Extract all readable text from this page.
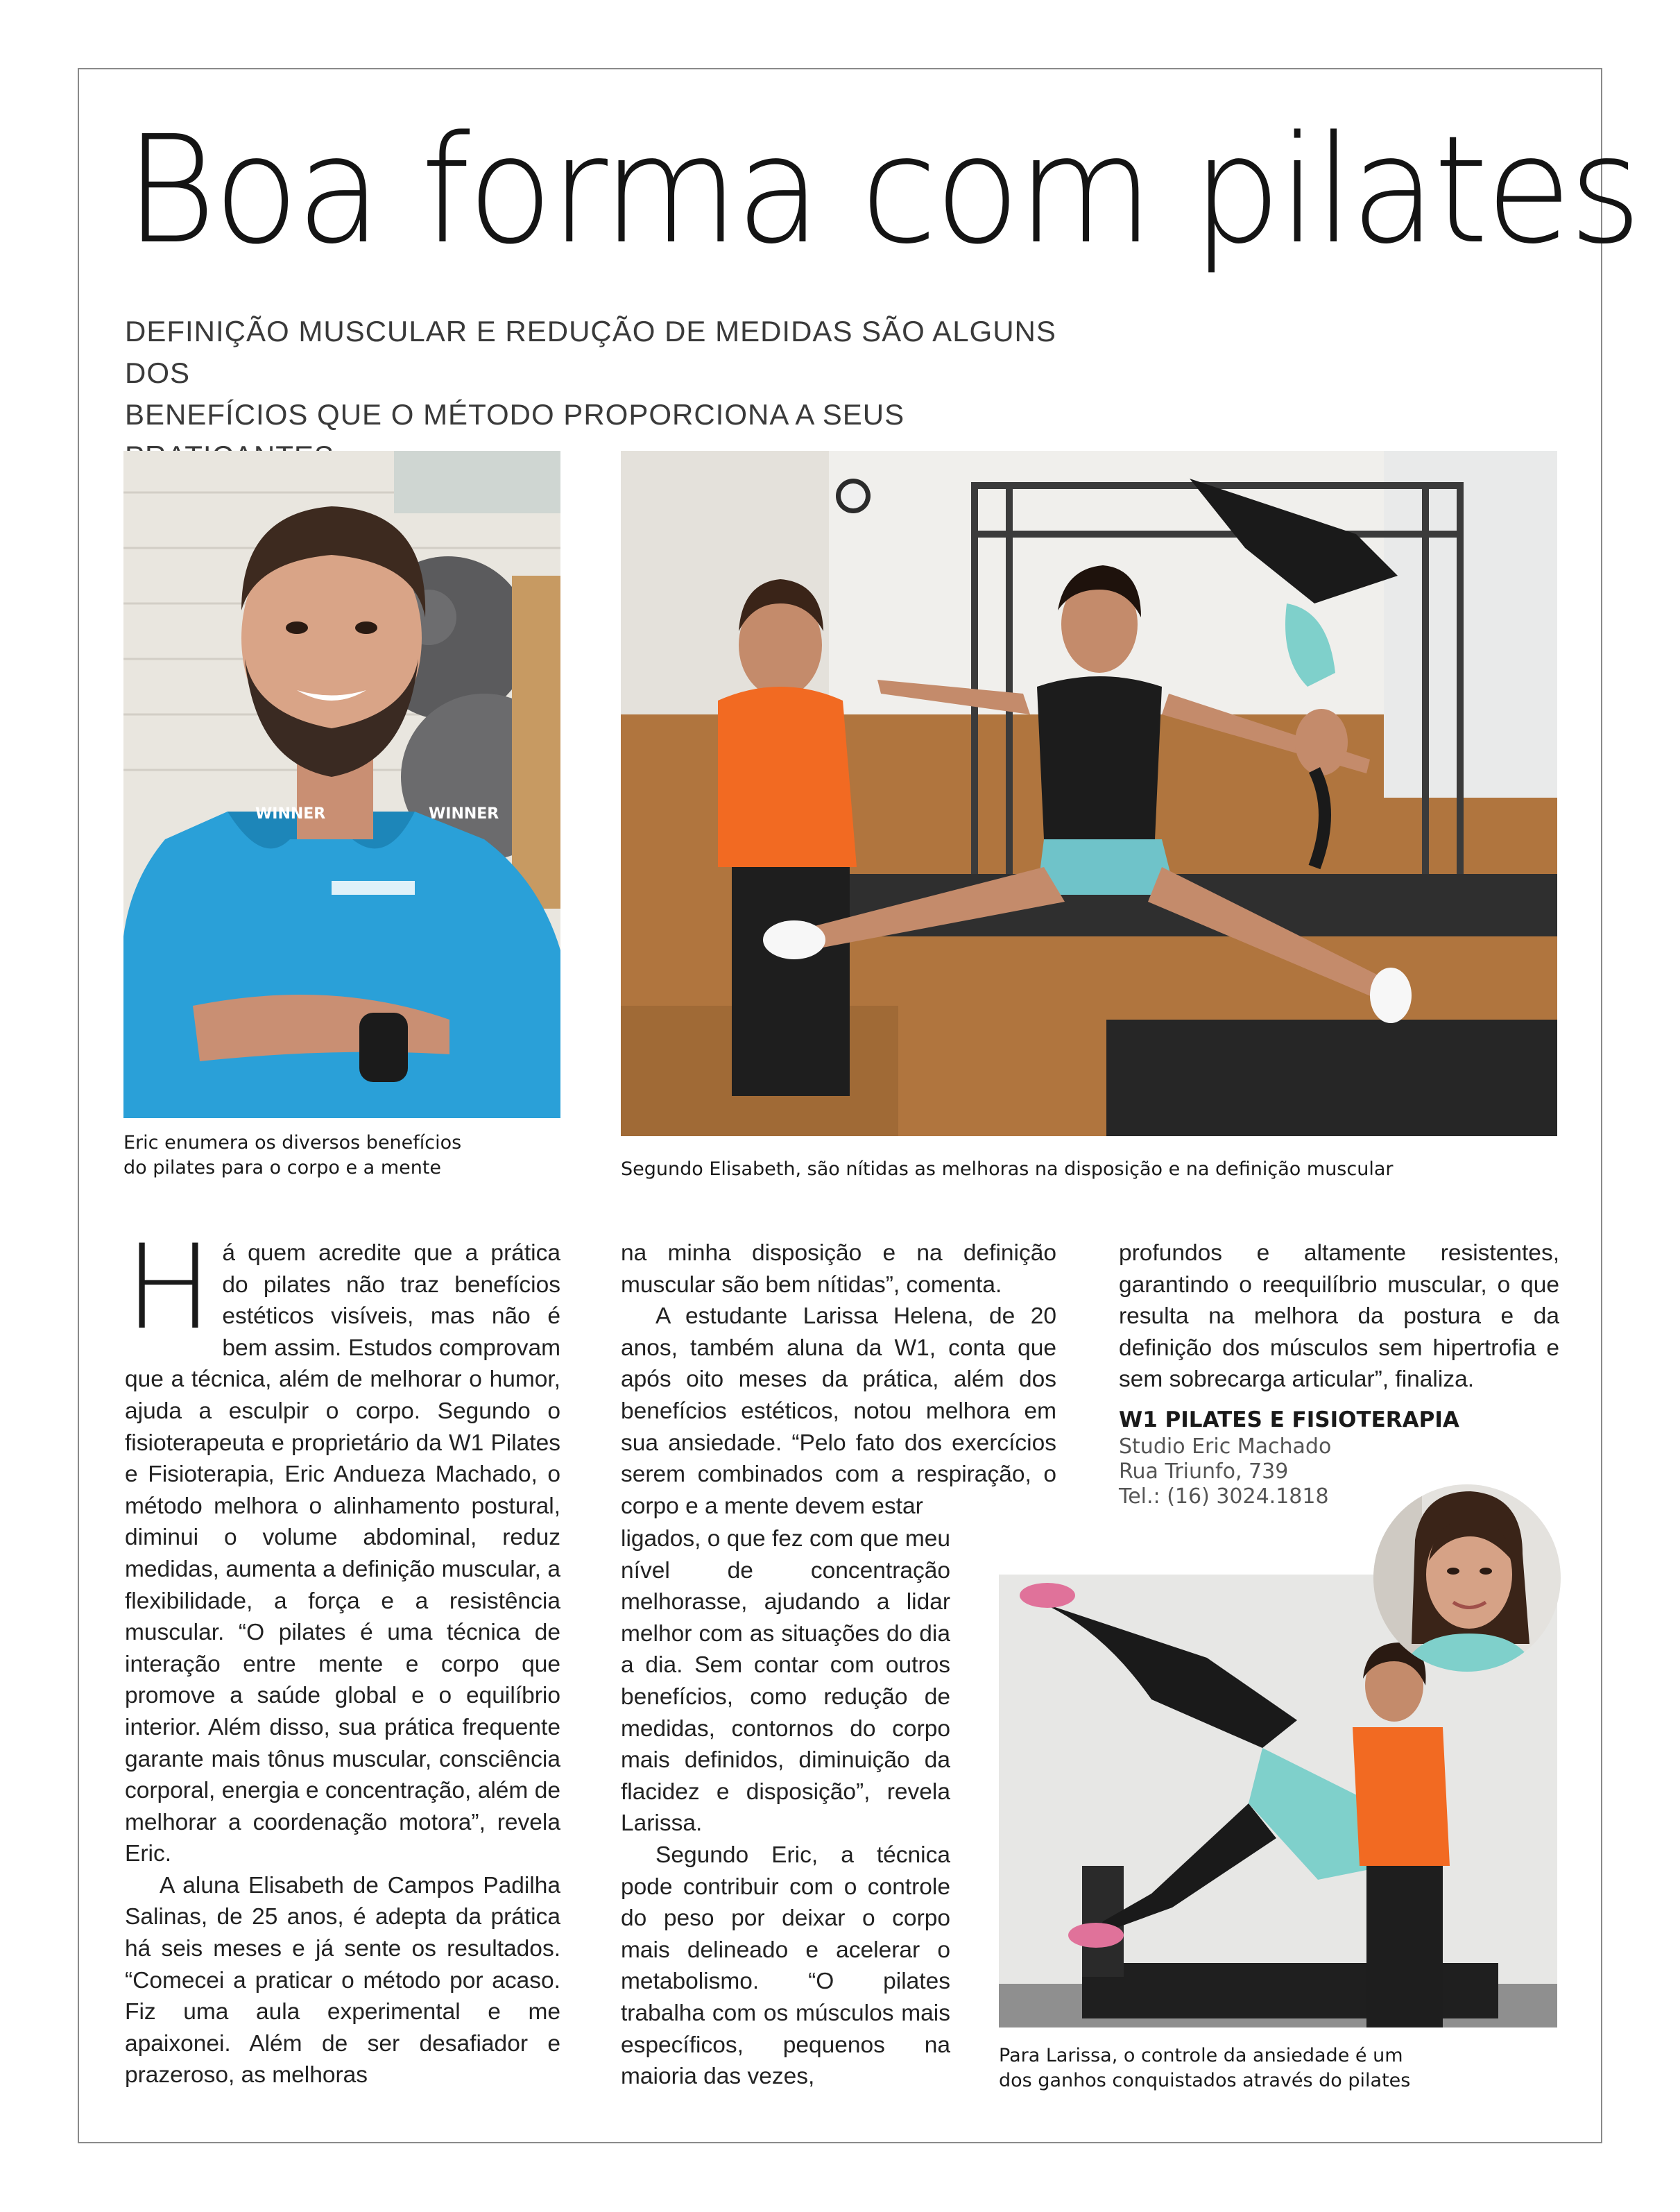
Boa forma com pilates
DEFINIÇÃO MUSCULAR E REDUÇÃO DE MEDIDAS SÃO ALGUNS DOS
BENEFÍCIOS QUE O MÉTODO PROPORCIONA A SEUS
WINNER	WINNER
Eric enumera os diversos benefícios
do pilates para o corpo e a mente	Segundo Elisabeth, são nítidas as melhoras na disposição e na definição muscular
H á quem acredite que a prática do pilates não traz benefícios estéticos visíveis, mas não é bem assim. Estudos comprovam que a técnica, além de melhorar o humor, ajuda a esculpir o corpo. Segundo o fisioterapeuta e proprietário da W1 Pilates e Fisioterapia, Eric Andueza Machado, o método melhora o alinhamento postural, diminui o volume abdominal, reduz medidas, aumenta a definição muscular, a flexibilidade, a força e a resistência muscular. “O pilates é uma técnica de interação entre mente e corpo que promove a saúde global e o equilíbrio interior. Além disso, sua prática frequente garante mais tônus muscular, consciência corporal, energia e concentração, além de melhorar a coordenação motora”, revela Eric.

A aluna Elisabeth de Campos Padilha Salinas, de 25 anos, é adepta da prática há seis meses e já sente os resultados. “Comecei a praticar o método por acaso. Fiz uma aula experimental e me apaixonei. Além de ser desafiador e prazeroso, as melhoras

na minha disposição e na definição muscular são bem nítidas”, comenta.

A estudante Larissa Helena, de 20 anos, também aluna da W1, conta que após oito meses da prática, além dos benefícios estéticos, notou melhora em sua ansiedade. “Pelo fato dos exercícios serem combinados com a respiração, o corpo e a mente devem estar

ligados, o que fez com que meu nível de concentração melhorasse, ajudando a lidar melhor com as situações do dia a dia. Sem contar com outros benefícios, como redução de medidas, contornos do corpo mais definidos, diminuição da flacidez e disposição”, revela Larissa.

Segundo Eric, a técnica pode contribuir com o controle do peso por deixar o corpo mais delineado e acelerar o metabolismo. “O pilates trabalha com os músculos mais específicos, pequenos na maioria das vezes,

profundos e altamente resistentes, garantindo o reequilíbrio muscular, o que resulta na melhora da postura e da definição dos músculos sem hipertrofia e sem sobrecarga articular”, finaliza.

W1 PILATES E FISIOTERAPIA
Studio Eric Machado
Rua Triunfo, 739
Tel.: (16) 3024.1818
Para Larissa, o controle da ansiedade é um
dos ganhos conquistados através do pilates
